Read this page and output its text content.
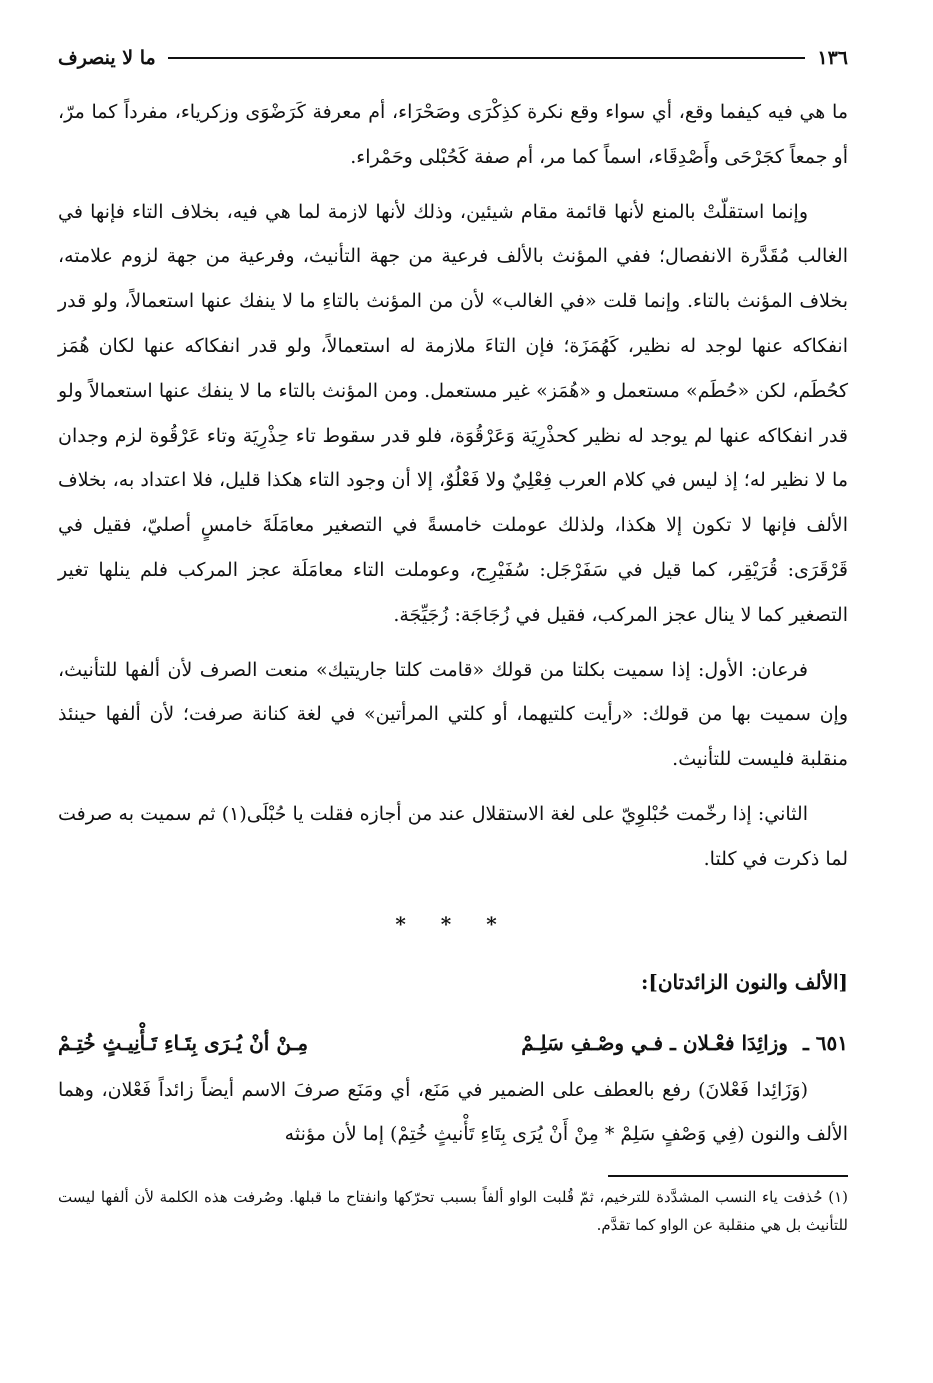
١٣٦
ما لا ينصرف

ما هي فيه كيفما وقع، أي سواء وقع نكرة كذِكْرَى وصَحْرَاء، أم معرفة كَرَضْوَى وزكرياء، مفرداً كما مرّ، أو جمعاً كجَرْحَى وأَصْدِقَاء، اسماً كما مر، أم صفة كَحُبْلى وحَمْراء.

وإنما استقلّتْ بالمنع لأنها قائمة مقام شيئين، وذلك لأنها لازمة لما هي فيه، بخلاف التاء فإنها في الغالب مُقَدَّرة الانفصال؛ ففي المؤنث بالألف فرعية من جهة التأنيث، وفرعية من جهة لزوم علامته، بخلاف المؤنث بالتاء. وإنما قلت «في الغالب» لأن من المؤنث بالتاءِ ما لا ينفك عنها استعمالاً، ولو قدر انفكاكه عنها لوجد له نظير، كَهُمَزَة؛ فإن التاءَ ملازمة له استعمالاً، ولو قدر انفكاكه عنها لكان هُمَز كحُطَم، لكن «حُطَم» مستعمل و «هُمَز» غير مستعمل. ومن المؤنث بالتاء ما لا ينفك عنها استعمالاً ولو قدر انفكاكه عنها لم يوجد له نظير كحذْرِيَة وَعَرْقُوَة، فلو قدر سقوط تاء حِذْرِيَة وتاء عَرْقُوة لزم وجدان ما لا نظير له؛ إذ ليس في كلام العرب فِعْلِيٌ ولا فَعْلُوٌ، إلا أن وجود التاء هكذا قليل، فلا اعتداد به، بخلاف الألف فإنها لا تكون إلا هكذا، ولذلك عوملت خامسةً في التصغير معامَلَةَ خامسٍ أصليّ، فقيل في قَرْقَرَى: قُرَيْقِر، كما قيل في سَفَرْجَل: سُفَيْرِج، وعوملت التاء معامَلَة عجز المركب فلم ينلها تغير التصغير كما لا ينال عجز المركب، فقيل في زُجَاجَة: زُجَيِّجَة.

فرعان: الأول: إذا سميت بكلتا من قولك «قامت كلتا جاريتيك» منعت الصرف لأن ألفها للتأنيث، وإن سميت بها من قولك: «رأيت كلتيهما، أو كلتي المرأتين» في لغة كنانة صرفت؛ لأن ألفها حينئذ منقلبة فليست للتأنيث.

الثاني: إذا رخّمت حُبْلوِيّ على لغة الاستقلال عند من أجازه فقلت يا حُبْلَى(١) ثم سميت به صرفت لما ذكرت في كلتا.

* * *

[الألف والنون الزائدتان]:

٦٥١ ـ وزائِدَا فعْـلان ـ فـي وصْـفِ سَلِـمْ
مِـنْ أنْ يُـرَى بِتَـاءِ تَـأْنِيـثٍ خُتِـمْ

(وَزَائِدا فَعْلانَ) رفع بالعطف على الضمير في مَنَع، أي ومَنَع صرفَ الاسم أيضاً زائداً فَعْلان، وهما الألف والنون (فِي وَصْفٍ سَلِمْ * مِنْ أَنْ يُرَى بِتَاءِ تَأْنيثٍ خُتِمْ) إما لأن مؤنثه

(١) حُذفت ياء النسب المشدَّدة للترخيم، ثمّ قُلبت الواو ألفاً بسبب تحرّكها وانفتاح ما قبلها. وصُرفت هذه الكلمة لأن ألفها ليست للتأنيث بل هي منقلبة عن الواو كما تقدَّم.
